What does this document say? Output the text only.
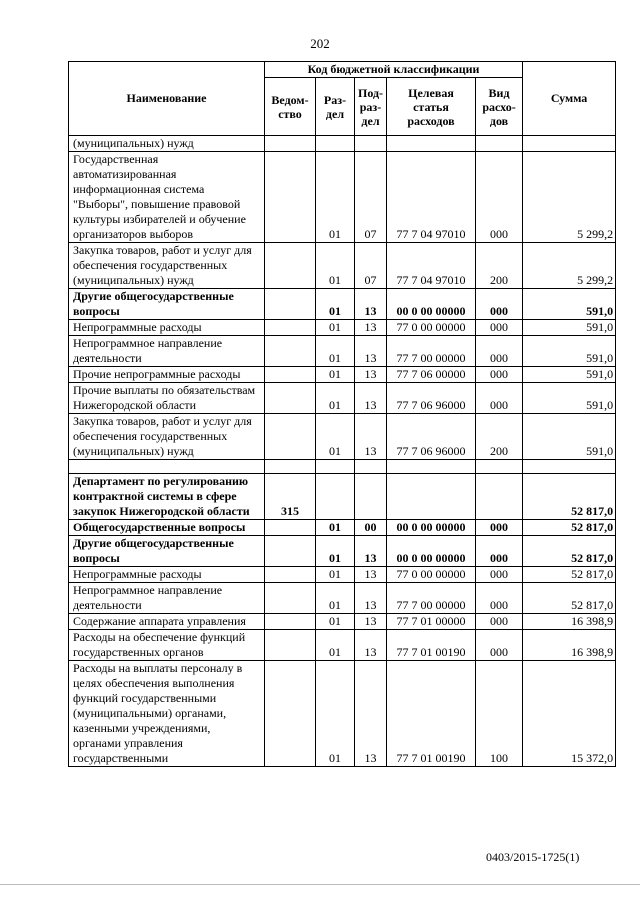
202
Наименование	Код бюджетной классификации					Сумма
	Ведом-ство	Раз-дел	Под-раз-дел	Целевая статья расходов	Вид расхо-дов	
(муниципальных) нужд						
Государственная автоматизированная информационная система "Выборы", повышение правовой культуры избирателей и обучение организаторов выборов		01	07	77 7 04 97010	000	5 299,2
Закупка товаров, работ и услуг для обеспечения государственных (муниципальных) нужд		01	07	77 7 04 97010	200	5 299,2
Другие общегосударственные вопросы		01	13	00 0 00 00000	000	591,0
Непрограммные расходы		01	13	77 0 00 00000	000	591,0
Непрограммное направление деятельности		01	13	77 7 00 00000	000	591,0
Прочие непрограммные расходы		01	13	77 7 06 00000	000	591,0
Прочие выплаты по обязательствам Нижегородской области		01	13	77 7 06 96000	000	591,0
Закупка товаров, работ и услуг для обеспечения государственных (муниципальных) нужд		01	13	77 7 06 96000	200	591,0

Департамент по регулированию контрактной системы в сфере закупок Нижегородской области	315					52 817,0
Общегосударственные вопросы		01	00	00 0 00 00000	000	52 817,0
Другие общегосударственные вопросы		01	13	00 0 00 00000	000	52 817,0
Непрограммные расходы		01	13	77 0 00 00000	000	52 817,0
Непрограммное направление деятельности		01	13	77 7 00 00000	000	52 817,0
Содержание аппарата управления		01	13	77 7 01 00000	000	16 398,9
Расходы на обеспечение функций государственных органов		01	13	77 7 01 00190	000	16 398,9
Расходы на выплаты персоналу в целях обеспечения выполнения функций государственными (муниципальными) органами, казенными учреждениями, органами управления государственными		01	13	77 7 01 00190	100	15 372,0
0403/2015-1725(1)
